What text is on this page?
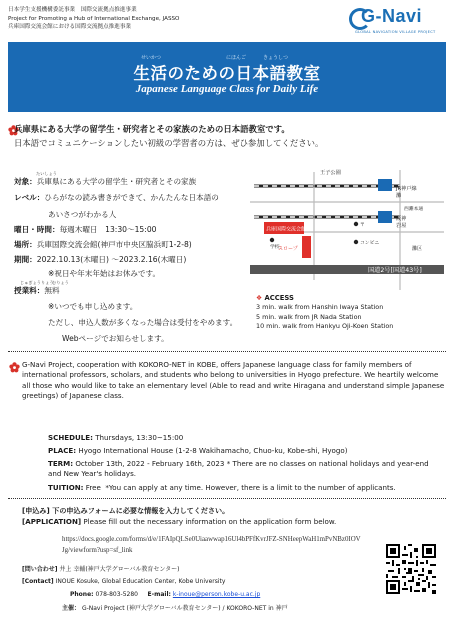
日本学生支援機構委託事業　国際交流拠点推進事業
Project for Promoting a Hub of International Exchange, JASSO
兵庫国際交流会館における国際交流拠点推進事業
G-Navi
GLOBAL NAVIGATION VILLAGE PROJECT
せいかつ	にほんご	きょうしつ
生活のための日本語教室
Japanese Language Class for Daily Life
兵庫県にある大学の留学生・研究者とその家族のための日本語教室です。
日本語でコミュニケーションしたい初級の学習者の方は、ぜひ参加してください。
たいしょう
対象：兵庫県にある大学の留学生・研究者とその家族
レベル：ひらがなの読み書きができて、かんたんな日本語の
あいさつがわかる人
曜日・時間：毎週木曜日　13:30～15:00
場所：兵庫国際交流会館(神戸市中央区脇浜町1-2-8)
期間：2022.10.13(木曜日) ～2023.2.16(木曜日)
※祝日や年末年始はお休みです。
じゅぎょうりょう
むりょう
授業料：無料
※いつでも申し込めます。
ただし、申込人数が多くなった場合は受付をやめます。
Webページでお知らせします。
国道2号[国道43号]
JR神戸線
灘
王子公園
阪神
岩屋
兵庫国際交流会館
スロープ
学校
〒
コンビニ
灘区
西灘本通
❖ ACCESS
3 min. walk from Hanshin Iwaya Station
5 min. walk from JR Nada Station
10 min. walk from Hankyu Oji-Koen Station
G-Navi Project, cooperation with KOKORO-NET in KOBE, offers Japanese language class for family members of international professors, scholars, and students who belong to universities in Hyogo prefecture. We heartily welcome all those who would like to take an elementary level (Able to read and write Hiragana and understand simple Japanese greetings) of Japanese class.
SCHEDULE: Thursdays, 13:30~15:00
PLACE: Hyogo International House (1-2-8 Wakihamacho, Chuo-ku, Kobe-shi, Hyogo)
TERM: October 13th, 2022 - February 16th, 2023 * There are no classes on national holidays and year-end and New Year's holidays.
TUITION: Free *You can apply at any time. However, there is a limit to the number of applicants.
[申込み] 下の申込みフォームに必要な情報を入力してください。
[APPLICATION] Please fill out the necessary information on the application form below.
https://docs.google.com/forms/d/e/1FAIpQLSe0Uiaawwap16Ul4bPFfKvrJFZ-SNHeepWaH1mPvNBz0IOVJg/viewform?usp=sf_link
[問い合わせ] 井上 幸輔(神戸大学グローバル教育センター)
[Contact] INOUE Kosuke, Global Education Center, Kobe University
Phone: 078-803-5280 E-mail: k-inoue@person.kobe-u.ac.jp
主催： G-Navi Project (神戸大学グローバル教育センター) / KOKORO-NET in 神戸
